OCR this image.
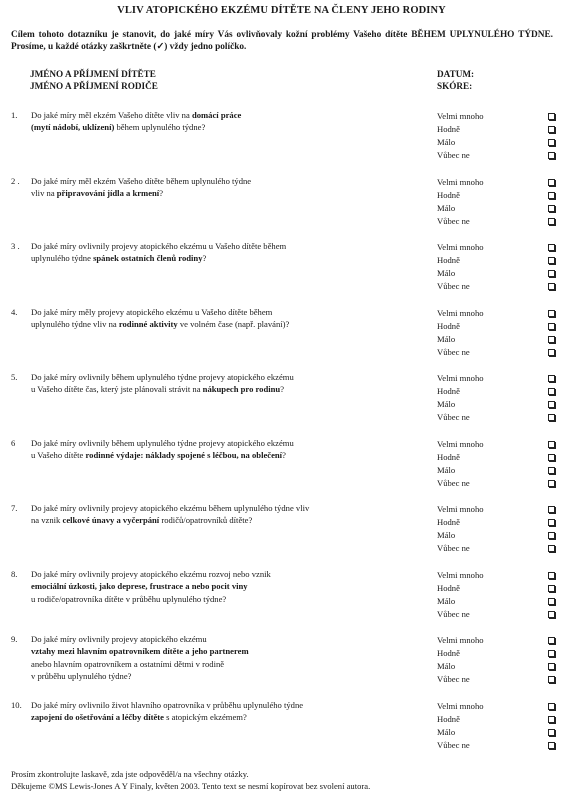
VLIV ATOPICKÉHO EKZÉMU DÍTĚTE NA ČLENY JEHO RODINY
Cílem tohoto dotazníku je stanovit, do jaké míry Vás ovlivňovaly kožní problémy Vašeho dítěte BĚHEM UPLYNULÉHO TÝDNE. Prosíme, u každé otázky zaškrtněte (✓) vždy jedno políčko.
JMÉNO A PŘÍJMENÍ DÍTĚTE
JMÉNO A PŘÍJMENÍ RODIČE
DATUM:
SKÓRE:
1.	Do jaké míry měl ekzém Vašeho dítěte vliv na domácí práce
(mytí nádobí, uklízení) během uplynulého týdne?
Velmi mnoho
Hodně
Málo
Vůbec ne
2 .	Do jaké míry měl ekzém Vašeho dítěte během uplynulého týdne
vliv na připravování jídla a krmení?
Velmi mnoho
Hodně
Málo
Vůbec ne
3 .	Do jaké míry ovlivnily projevy atopického ekzému u Vašeho dítěte během
uplynulého týdne spánek ostatních členů rodiny?
Velmi mnoho
Hodně
Málo
Vůbec ne
4.	Do jaké míry měly projevy atopického ekzému u Vašeho dítěte během
uplynulého týdne vliv na rodinné aktivity ve volném čase (např. plavání)?
Velmi mnoho
Hodně
Málo
Vůbec ne
5.	Do jaké míry ovlivnily během uplynulého týdne projevy atopického ekzému
u Vašeho dítěte čas, který jste plánovali strávit na nákupech pro rodinu?
Velmi mnoho
Hodně
Málo
Vůbec ne
6	Do jaké míry ovlivnily během uplynulého týdne projevy atopického ekzému
u Vašeho dítěte rodinné výdaje: náklady spojené s léčbou, na oblečení?
Velmi mnoho
Hodně
Málo
Vůbec ne
7.	Do jaké míry ovlivnily projevy atopického ekzému během uplynulého týdne vliv
na vznik celkové únavy a vyčerpání rodičů/opatrovníků dítěte?
Velmi mnoho
Hodně
Málo
Vůbec ne
8.	Do jaké míry ovlivnily projevy atopického ekzému rozvoj nebo vznik
emociální úzkosti, jako deprese, frustrace a nebo pocit viny
u rodiče/opatrovníka dítěte v průběhu uplynulého týdne?
Velmi mnoho
Hodně
Málo
Vůbec ne
9.	Do jaké míry ovlivnily projevy atopického ekzému
vztahy mezi hlavním opatrovníkem dítěte a jeho partnerem
anebo hlavním opatrovníkem a ostatními dětmi v rodině
v průběhu uplynulého týdne?
Velmi mnoho
Hodně
Málo
Vůbec ne
10.	Do jaké míry ovlivnilo život hlavního opatrovníka v průběhu uplynulého týdne
zapojení do ošetřování a léčby dítěte s atopickým ekzémem?
Velmi mnoho
Hodně
Málo
Vůbec ne
Prosím zkontrolujte laskavě, zda jste odpověděl/a na všechny otázky.
Děkujeme ©MS Lewis-Jones A Y Finaly, květen 2003. Tento text se nesmí kopírovat bez svolení autora.
